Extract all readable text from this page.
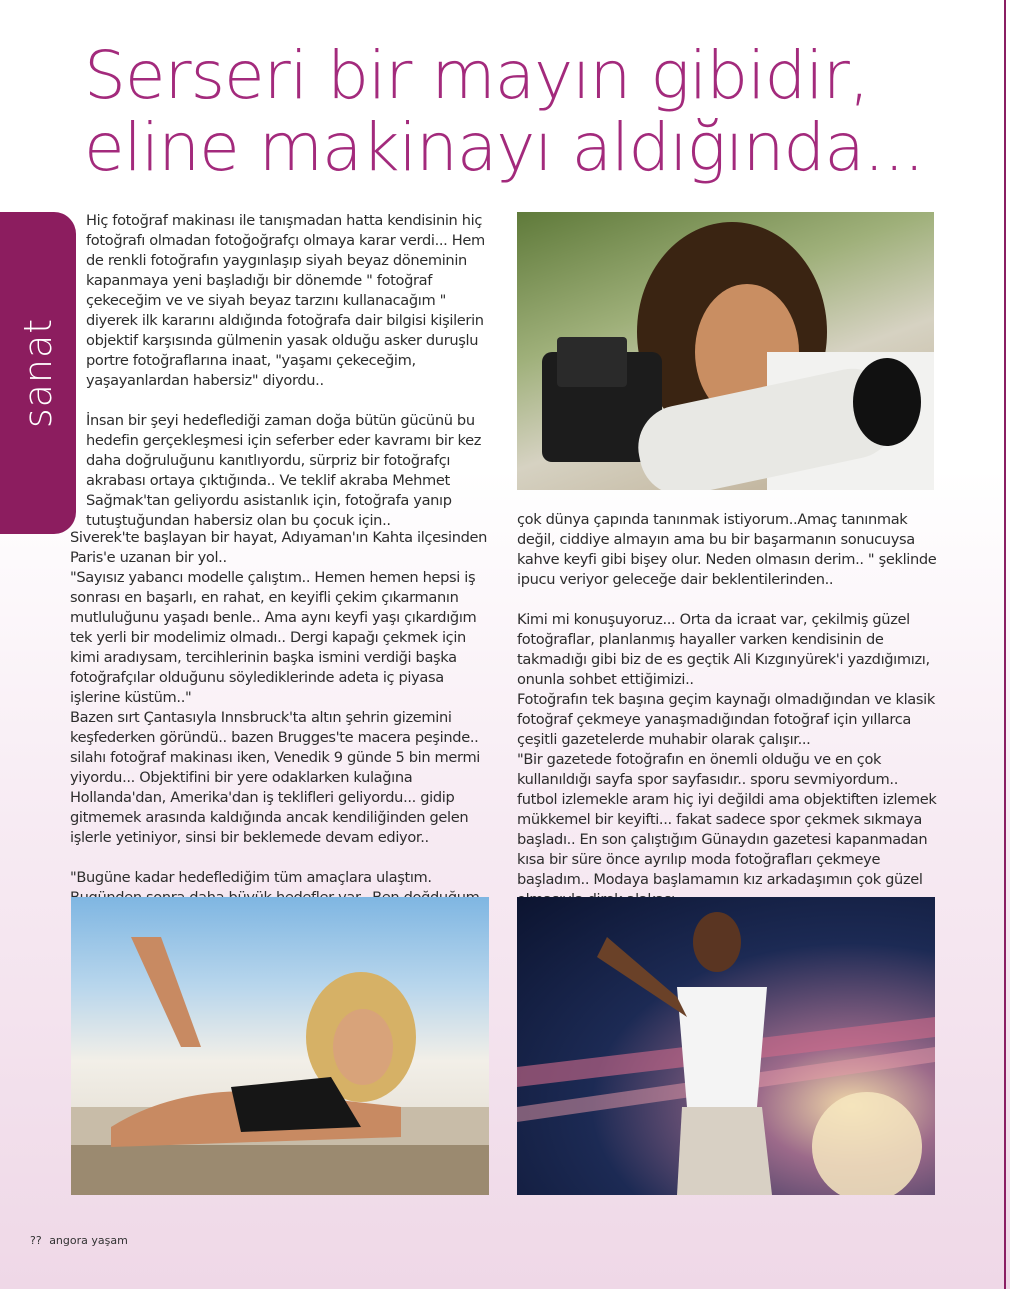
Serseri bir mayın gibidir,
eline makinayı aldığında...
sanat

Hiç fotoğraf makinası ile tanışmadan hatta kendisinin hiç fotoğrafı olmadan fotoğoğrafçı olmaya karar verdi... Hem de renkli fotoğrafın yaygınlaşıp siyah beyaz döneminin kapanmaya yeni başladığı bir dönemde " fotoğraf çekeceğim ve ve siyah beyaz tarzını kullanacağım " diyerek ilk kararını aldığında fotoğrafa dair bilgisi kişilerin objektif karşısında gülmenin yasak olduğu asker duruşlu portre fotoğraflarına inaat, "yaşamı çekeceğim, yaşayanlardan habersiz" diyordu..

İnsan bir şeyi hedeflediği zaman doğa bütün gücünü bu hedefin gerçekleşmesi için seferber eder kavramı bir kez daha doğruluğunu kanıtlıyordu, sürpriz bir fotoğrafçı akrabası ortaya çıktığında.. Ve teklif akraba Mehmet Sağmak'tan geliyordu asistanlık için, fotoğrafa yanıp tutuştuğundan habersiz olan bu çocuk için..

Siverek'te başlayan bir hayat, Adıyaman'ın Kahta ilçesinden Paris'e uzanan bir yol..

"Sayısız yabancı modelle çalıştım.. Hemen hemen hepsi iş sonrası en başarlı, en rahat, en keyifli çekim çıkarmanın mutluluğunu yaşadı benle.. Ama aynı keyfi yaşı çıkardığım tek yerli bir modelimiz olmadı.. Dergi kapağı çekmek için kimi aradıysam, tercihlerinin başka ismini verdiği başka fotoğrafçılar olduğunu söylediklerinde adeta iç piyasa işlerine küstüm.."

Bazen sırt Çantasıyla Innsbruck'ta altın şehrin gizemini keşfederken göründü.. bazen Brugges'te macera peşinde.. silahı fotoğraf makinası iken, Venedik 9 günde 5 bin mermi yiyordu... Objektifini bir yere odaklarken kulağına Hollanda'dan, Amerika'dan iş teklifleri geliyordu... gidip gitmemek arasında kaldığında ancak kendiliğinden gelen işlerle yetiniyor, sinsi bir beklemede devam ediyor..

"Bugüne kadar hedeflediğim tüm amaçlara ulaştım.

çok dünya çapında tanınmak istiyorum..Amaç tanınmak değil, ciddiye almayın ama bu bir başarmanın sonucuysa kahve keyfi gibi bişey olur. Neden olmasın derim.. " şeklinde ipucu veriyor geleceğe dair beklentilerinden..

Kimi mi konuşuyoruz... Orta da icraat var, çekilmiş güzel fotoğraflar, planlanmış hayaller varken kendisinin de takmadığı gibi biz de es geçtik Ali Kızgınyürek'i yazdığımızı, onunla sohbet ettiğimizi..

Fotoğrafın tek başına geçim kaynağı olmadığından ve klasik fotoğraf çekmeye yanaşmadığından fotoğraf için yıllarca çeşitli gazetelerde muhabir olarak çalışır...

"Bir gazetede fotoğrafın en önemli olduğu ve en çok kullanıldığı sayfa spor sayfasıdır.. sporu sevmiyordum.. futbol izlemekle aram hiç iyi değildi ama objektiften izlemek mükkemel bir keyifti... fakat sadece spor çekmek sıkmaya başladı.. En son çalıştığım Günaydın gazetesi kapanmadan kısa bir süre önce ayrılıp moda fotoğrafları çekmeye başladım.. Modaya başlamamın kız arkadaşımın çok güzel

?? angora yaşam
